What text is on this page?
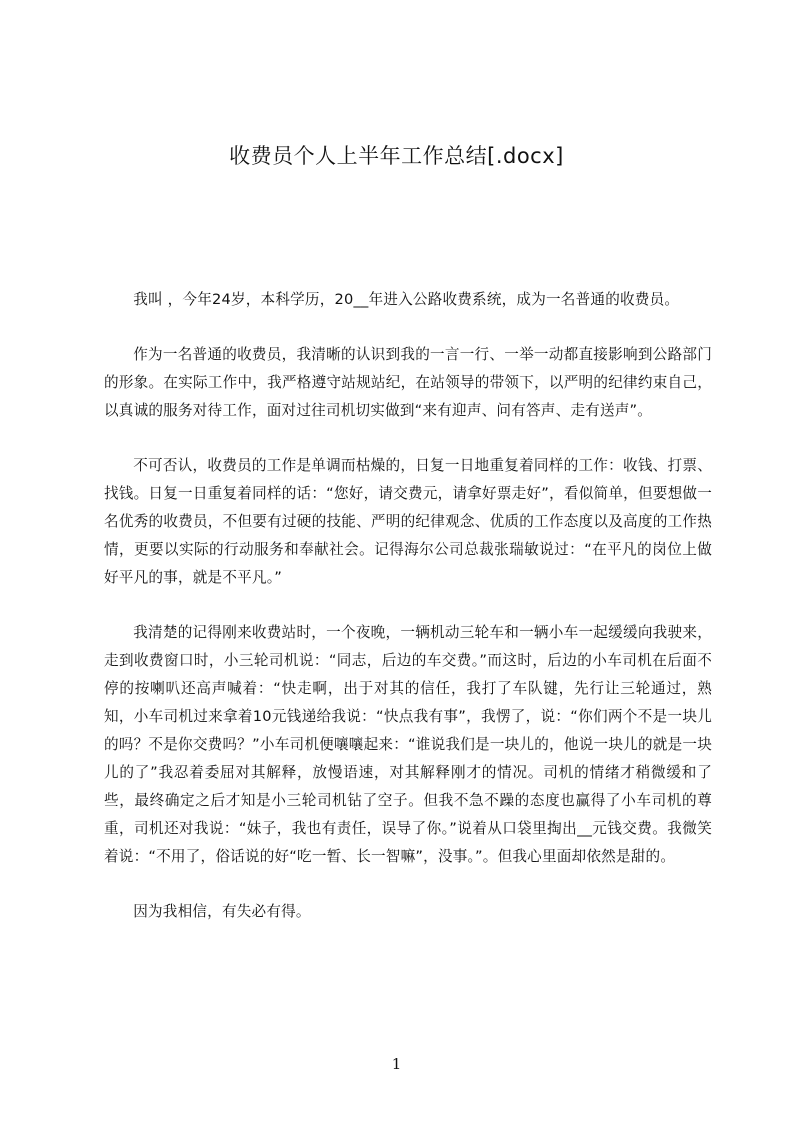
收费员个人上半年工作总结[.docx]

我叫 ，今年24岁，本科学历，20__年进入公路收费系统，成为一名普通的收费员。

作为一名普通的收费员，我清晰的认识到我的一言一行、一举一动都直接影响到公路部门的形象。在实际工作中，我严格遵守站规站纪，在站领导的带领下，以严明的纪律约束自己，以真诚的服务对待工作，面对过往司机切实做到“来有迎声、问有答声、走有送声”。

不可否认，收费员的工作是单调而枯燥的，日复一日地重复着同样的工作：收钱、打票、找钱。日复一日重复着同样的话：“您好，请交费元，请拿好票走好”，看似简单，但要想做一名优秀的收费员，不但要有过硬的技能、严明的纪律观念、优质的工作态度以及高度的工作热情，更要以实际的行动服务和奉献社会。记得海尔公司总裁张瑞敏说过：“在平凡的岗位上做好平凡的事，就是不平凡。”

我清楚的记得刚来收费站时，一个夜晚，一辆机动三轮车和一辆小车一起缓缓向我驶来，走到收费窗口时，小三轮司机说：“同志，后边的车交费。”而这时，后边的小车司机在后面不停的按喇叭还高声喊着：“快走啊，出于对其的信任，我打了车队键，先行让三轮通过，熟知，小车司机过来拿着10元钱递给我说：“快点我有事”，我愣了，说：“你们两个不是一块儿的吗？不是你交费吗？”小车司机便嚷嚷起来：“谁说我们是一块儿的，他说一块儿的就是一块儿的了”我忍着委屈对其解释，放慢语速，对其解释刚才的情况。司机的情绪才稍微缓和了些，最终确定之后才知是小三轮司机钻了空子。但我不急不躁的态度也赢得了小车司机的尊重，司机还对我说：“妹子，我也有责任，误导了你。”说着从口袋里掏出__元钱交费。我微笑着说：“不用了，俗话说的好“吃一暂、长一智嘛”，没事。”。但我心里面却依然是甜的。

因为我相信，有失必有得。

1
